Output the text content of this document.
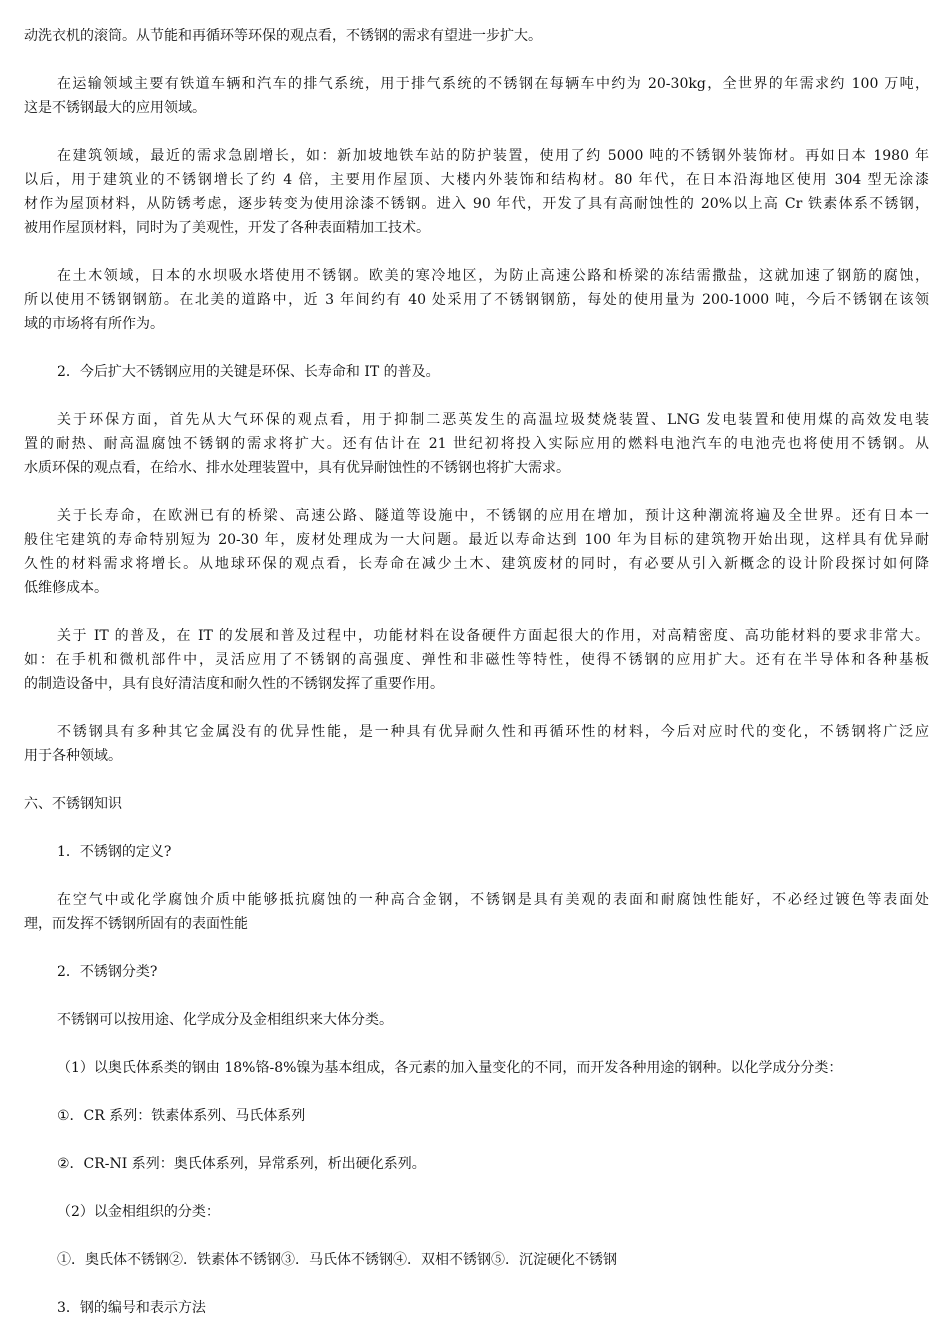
动洗衣机的滚筒。从节能和再循环等环保的观点看，不锈钢的需求有望进一步扩大。
在运输领域主要有铁道车辆和汽车的排气系统，用于排气系统的不锈钢在每辆车中约为 20-30kg，全世界的年需求约 100 万吨，
这是不锈钢最大的应用领域。
在建筑领域，最近的需求急剧增长，如：新加坡地铁车站的防护装置，使用了约 5000 吨的不锈钢外装饰材。再如日本 1980 年
以后，用于建筑业的不锈钢增长了约 4 倍，主要用作屋顶、大楼内外装饰和结构材。80 年代，在日本沿海地区使用 304 型无涂漆
材作为屋顶材料，从防锈考虑，逐步转变为使用涂漆不锈钢。进入 90 年代，开发了具有高耐蚀性的 20%以上高 Cr 铁素体系不锈钢，
被用作屋顶材料，同时为了美观性，开发了各种表面精加工技术。
在土木领域，日本的水坝吸水塔使用不锈钢。欧美的寒冷地区，为防止高速公路和桥梁的冻结需撒盐，这就加速了钢筋的腐蚀，
所以使用不锈钢钢筋。在北美的道路中，近 3 年间约有 40 处采用了不锈钢钢筋，每处的使用量为 200-1000 吨，今后不锈钢在该领
域的市场将有所作为。
2．今后扩大不锈钢应用的关键是环保、长寿命和 IT 的普及。
关于环保方面，首先从大气环保的观点看，用于抑制二恶英发生的高温垃圾焚烧装置、LNG 发电装置和使用煤的高效发电装
置的耐热、耐高温腐蚀不锈钢的需求将扩大。还有估计在 21 世纪初将投入实际应用的燃料电池汽车的电池壳也将使用不锈钢。从
水质环保的观点看，在给水、排水处理装置中，具有优异耐蚀性的不锈钢也将扩大需求。
关于长寿命，在欧洲已有的桥梁、高速公路、隧道等设施中，不锈钢的应用在增加，预计这种潮流将遍及全世界。还有日本一
般住宅建筑的寿命特别短为 20-30 年，废材处理成为一大问题。最近以寿命达到 100 年为目标的建筑物开始出现，这样具有优异耐
久性的材料需求将增长。从地球环保的观点看，长寿命在减少土木、建筑废材的同时，有必要从引入新概念的设计阶段探讨如何降
低维修成本。
关于 IT 的普及，在 IT 的发展和普及过程中，功能材料在设备硬件方面起很大的作用，对高精密度、高功能材料的要求非常大。
如：在手机和微机部件中，灵活应用了不锈钢的高强度、弹性和非磁性等特性，使得不锈钢的应用扩大。还有在半导体和各种基板
的制造设备中，具有良好清洁度和耐久性的不锈钢发挥了重要作用。
不锈钢具有多种其它金属没有的优异性能，是一种具有优异耐久性和再循环性的材料，今后对应时代的变化，不锈钢将广泛应
用于各种领域。
六、不锈钢知识
1．不锈钢的定义?
在空气中或化学腐蚀介质中能够抵抗腐蚀的一种高合金钢，不锈钢是具有美观的表面和耐腐蚀性能好，不必经过镀色等表面处
理，而发挥不锈钢所固有的表面性能
2．不锈钢分类?
不锈钢可以按用途、化学成分及金相组织来大体分类。
（1）以奥氏体系类的钢由 18%铬-8%镍为基本组成，各元素的加入量变化的不同，而开发各种用途的钢种。以化学成分分类：
①．CR 系列：铁素体系列、马氏体系列
②．CR-NI 系列：奥氏体系列，异常系列，析出硬化系列。
（2）以金相组织的分类：
①．奥氏体不锈钢②．铁素体不锈钢③．马氏体不锈钢④．双相不锈钢⑤．沉淀硬化不锈钢
3．钢的编号和表示方法
